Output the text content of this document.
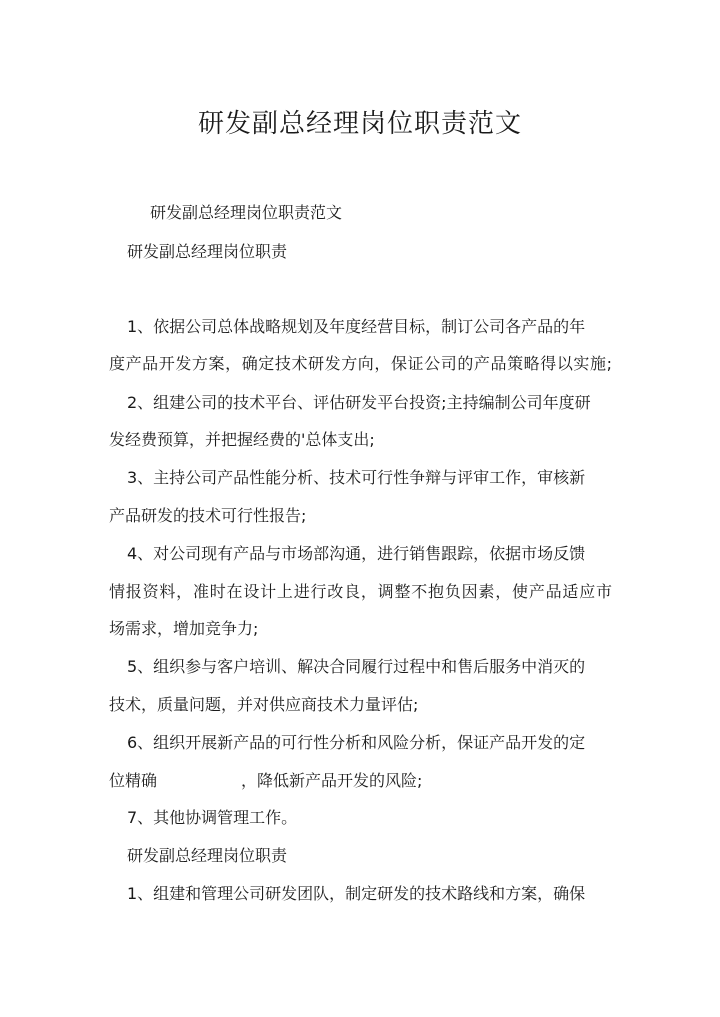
研发副总经理岗位职责范文

研发副总经理岗位职责范文

研发副总经理岗位职责

1、依据公司总体战略规划及年度经营目标，制订公司各产品的年

度产品开发方案，确定技术研发方向，保证公司的产品策略得以实施;

2、组建公司的技术平台、评估研发平台投资;主持编制公司年度研

发经费预算，并把握经费的'总体支出;

3、主持公司产品性能分析、技术可行性争辩与评审工作，审核新

产品研发的技术可行性报告;

4、对公司现有产品与市场部沟通，进行销售跟踪，依据市场反馈

情报资料，准时在设计上进行改良，调整不抱负因素，使产品适应市

场需求，增加竞争力;

5、组织参与客户培训、解决合同履行过程中和售后服务中消灭的

技术，质量问题，并对供应商技术力量评估;

6、组织开展新产品的可行性分析和风险分析，保证产品开发的定

位精确	，降低新产品开发的风险;

7、其他协调管理工作。

研发副总经理岗位职责

1、组建和管理公司研发团队，制定研发的技术路线和方案，确保
